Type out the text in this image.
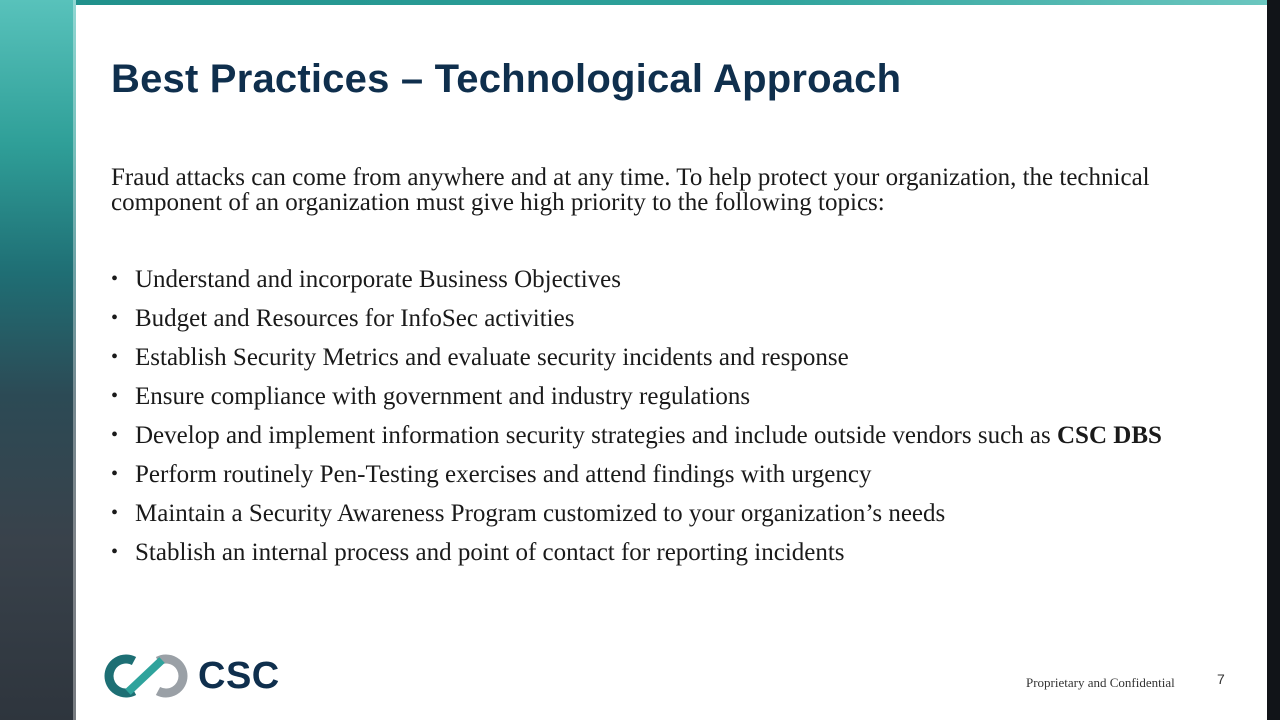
Best Practices – Technological Approach

Fraud attacks can come from anywhere and at any time. To help protect your organization, the technical component of an organization must give high priority to the following topics:

• Understand and incorporate Business Objectives
• Budget and Resources for InfoSec activities
• Establish Security Metrics and evaluate security incidents and response
• Ensure compliance with government and industry regulations
• Develop and implement information security strategies and include outside vendors such as CSC DBS
• Perform routinely Pen-Testing exercises and attend findings with urgency
• Maintain a Security Awareness Program customized to your organization’s needs
• Stablish an internal process and point of contact for reporting incidents
CSC	Proprietary and Confidential	7
